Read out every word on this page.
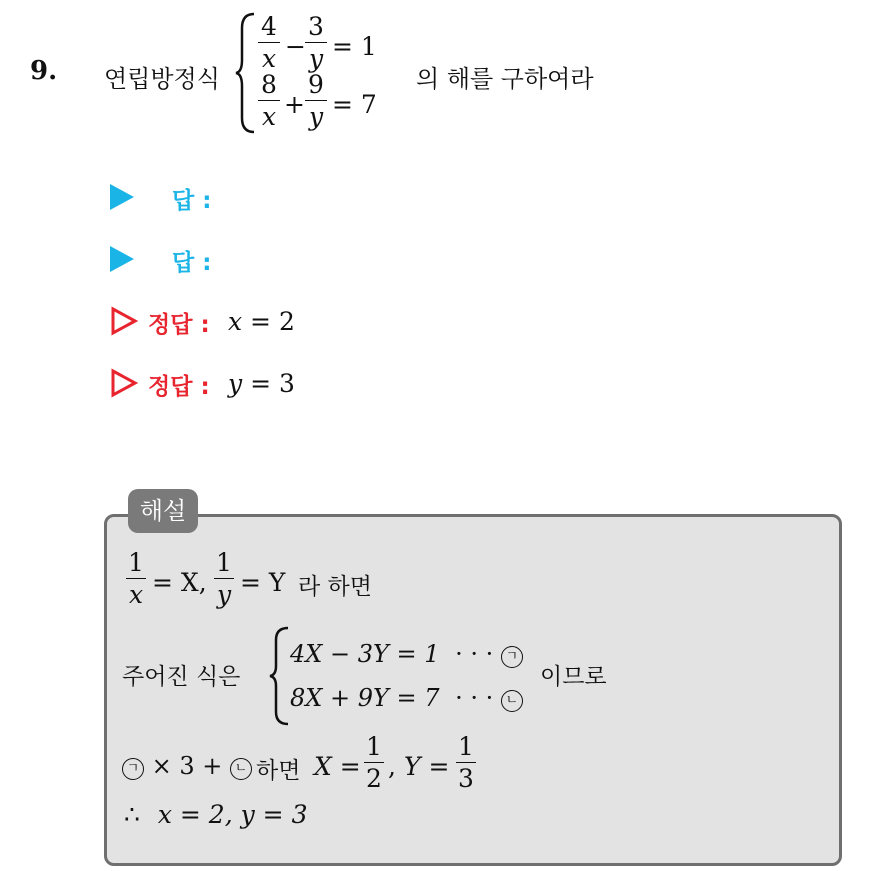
9. 연립방정식
4
x −
3
y = 1
8
x +
9
y = 7
의 해를 구하여라
답 :
답 :
정답 : x = 2
정답 : y = 3
해설
1
x = X,
1
y = Y 라 하면
주어진 식은
4X − 3Y = 1 · · · ㄱ
8X + 9Y = 7 · · · ㄴ
이므로
ㄱ × 3 + ㄴ 하면 X =
1
2 , Y =
1
3
∴ x = 2, y = 3
